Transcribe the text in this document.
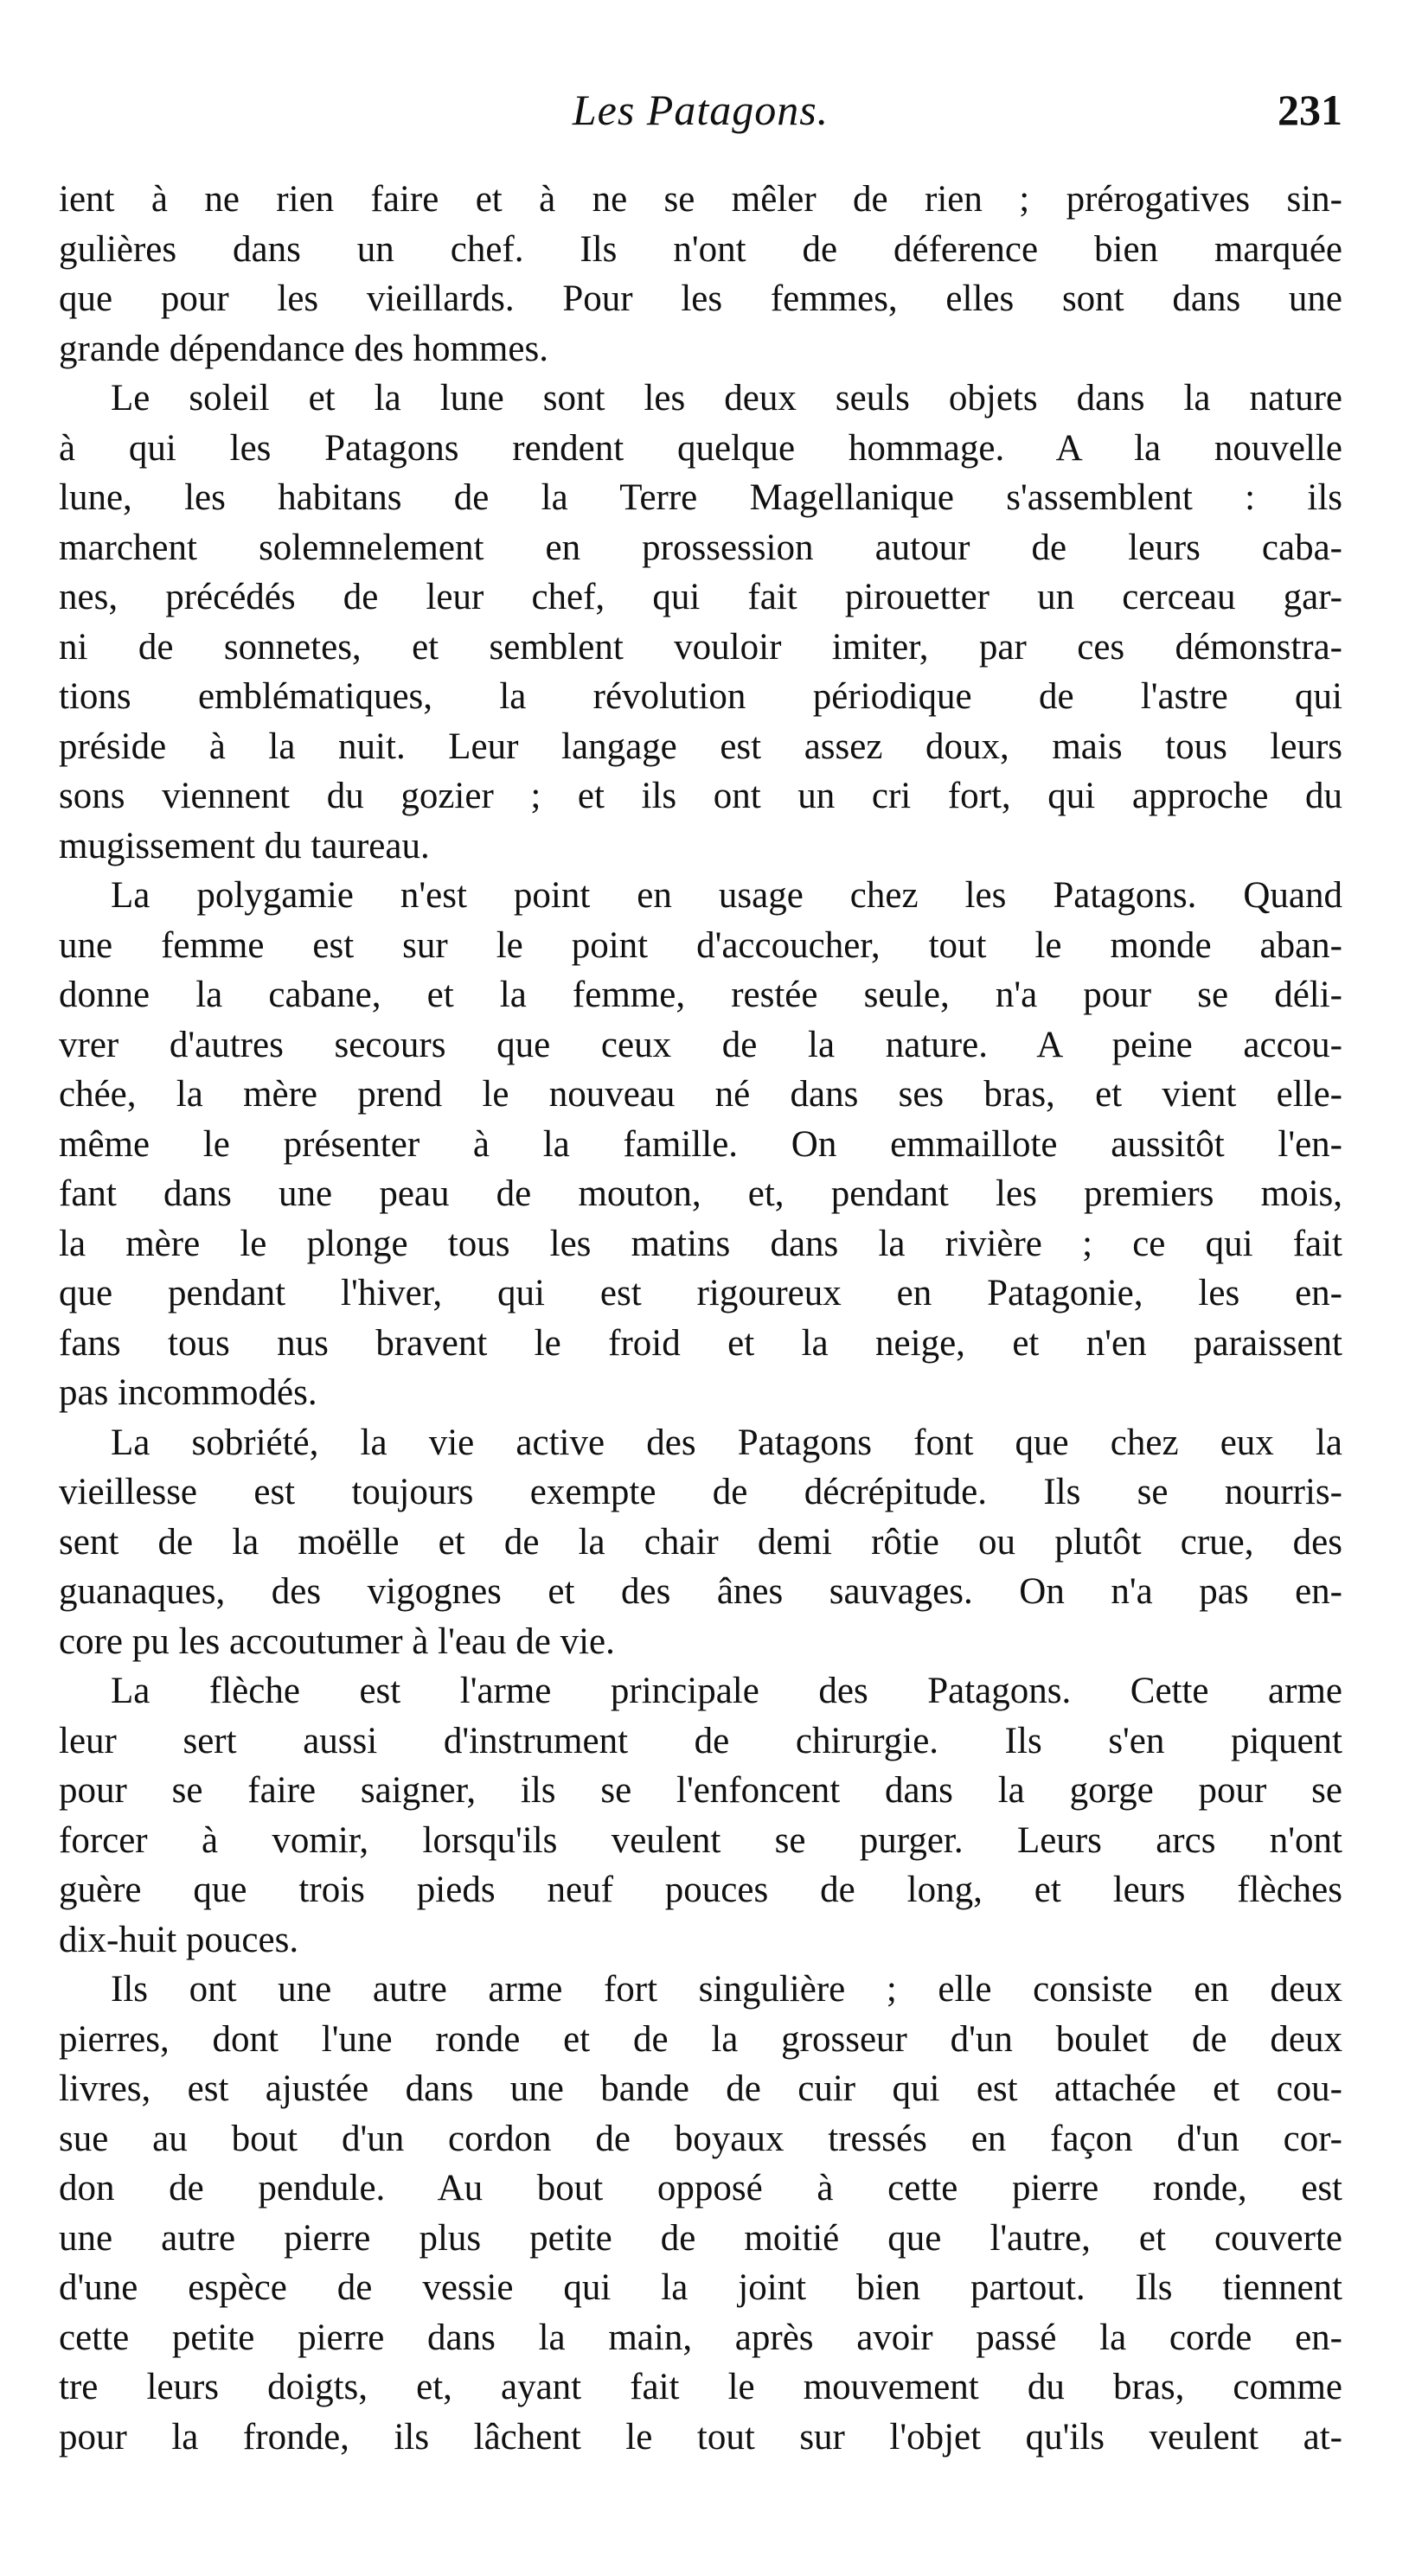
Les Patagons.	231
ient à ne rien faire et à ne se mêler de rien ; prérogatives sin-
gulières dans un chef. Ils n'ont de déference bien marquée
que pour les vieillards. Pour les femmes, elles sont dans une
grande dépendance des hommes.
Le soleil et la lune sont les deux seuls objets dans la nature
à qui les Patagons rendent quelque hommage. A la nouvelle
lune, les habitans de la Terre Magellanique s'assemblent : ils
marchent solemnelement en prossession autour de leurs caba-
nes, précédés de leur chef, qui fait pirouetter un cerceau gar-
ni de sonnetes, et semblent vouloir imiter, par ces démonstra-
tions emblématiques, la révolution périodique de l'astre qui
préside à la nuit. Leur langage est assez doux, mais tous leurs
sons viennent du gozier ; et ils ont un cri fort, qui approche du
mugissement du taureau.
La polygamie n'est point en usage chez les Patagons. Quand
une femme est sur le point d'accoucher, tout le monde aban-
donne la cabane, et la femme, restée seule, n'a pour se déli-
vrer d'autres secours que ceux de la nature. A peine accou-
chée, la mère prend le nouveau né dans ses bras, et vient elle-
même le présenter à la famille. On emmaillote aussitôt l'en-
fant dans une peau de mouton, et, pendant les premiers mois,
la mère le plonge tous les matins dans la rivière ; ce qui fait
que pendant l'hiver, qui est rigoureux en Patagonie, les en-
fans tous nus bravent le froid et la neige, et n'en paraissent
pas incommodés.
La sobriété, la vie active des Patagons font que chez eux la
vieillesse est toujours exempte de décrépitude. Ils se nourris-
sent de la moëlle et de la chair demi rôtie ou plutôt crue, des
guanaques, des vigognes et des ânes sauvages. On n'a pas en-
core pu les accoutumer à l'eau de vie.
La flèche est l'arme principale des Patagons. Cette arme
leur sert aussi d'instrument de chirurgie. Ils s'en piquent
pour se faire saigner, ils se l'enfoncent dans la gorge pour se
forcer à vomir, lorsqu'ils veulent se purger. Leurs arcs n'ont
guère que trois pieds neuf pouces de long, et leurs flèches
dix-huit pouces.
Ils ont une autre arme fort singulière ; elle consiste en deux
pierres, dont l'une ronde et de la grosseur d'un boulet de deux
livres, est ajustée dans une bande de cuir qui est attachée et cou-
sue au bout d'un cordon de boyaux tressés en façon d'un cor-
don de pendule. Au bout opposé à cette pierre ronde, est
une autre pierre plus petite de moitié que l'autre, et couverte
d'une espèce de vessie qui la joint bien partout. Ils tiennent
cette petite pierre dans la main, après avoir passé la corde en-
tre leurs doigts, et, ayant fait le mouvement du bras, comme
pour la fronde, ils lâchent le tout sur l'objet qu'ils veulent at-
